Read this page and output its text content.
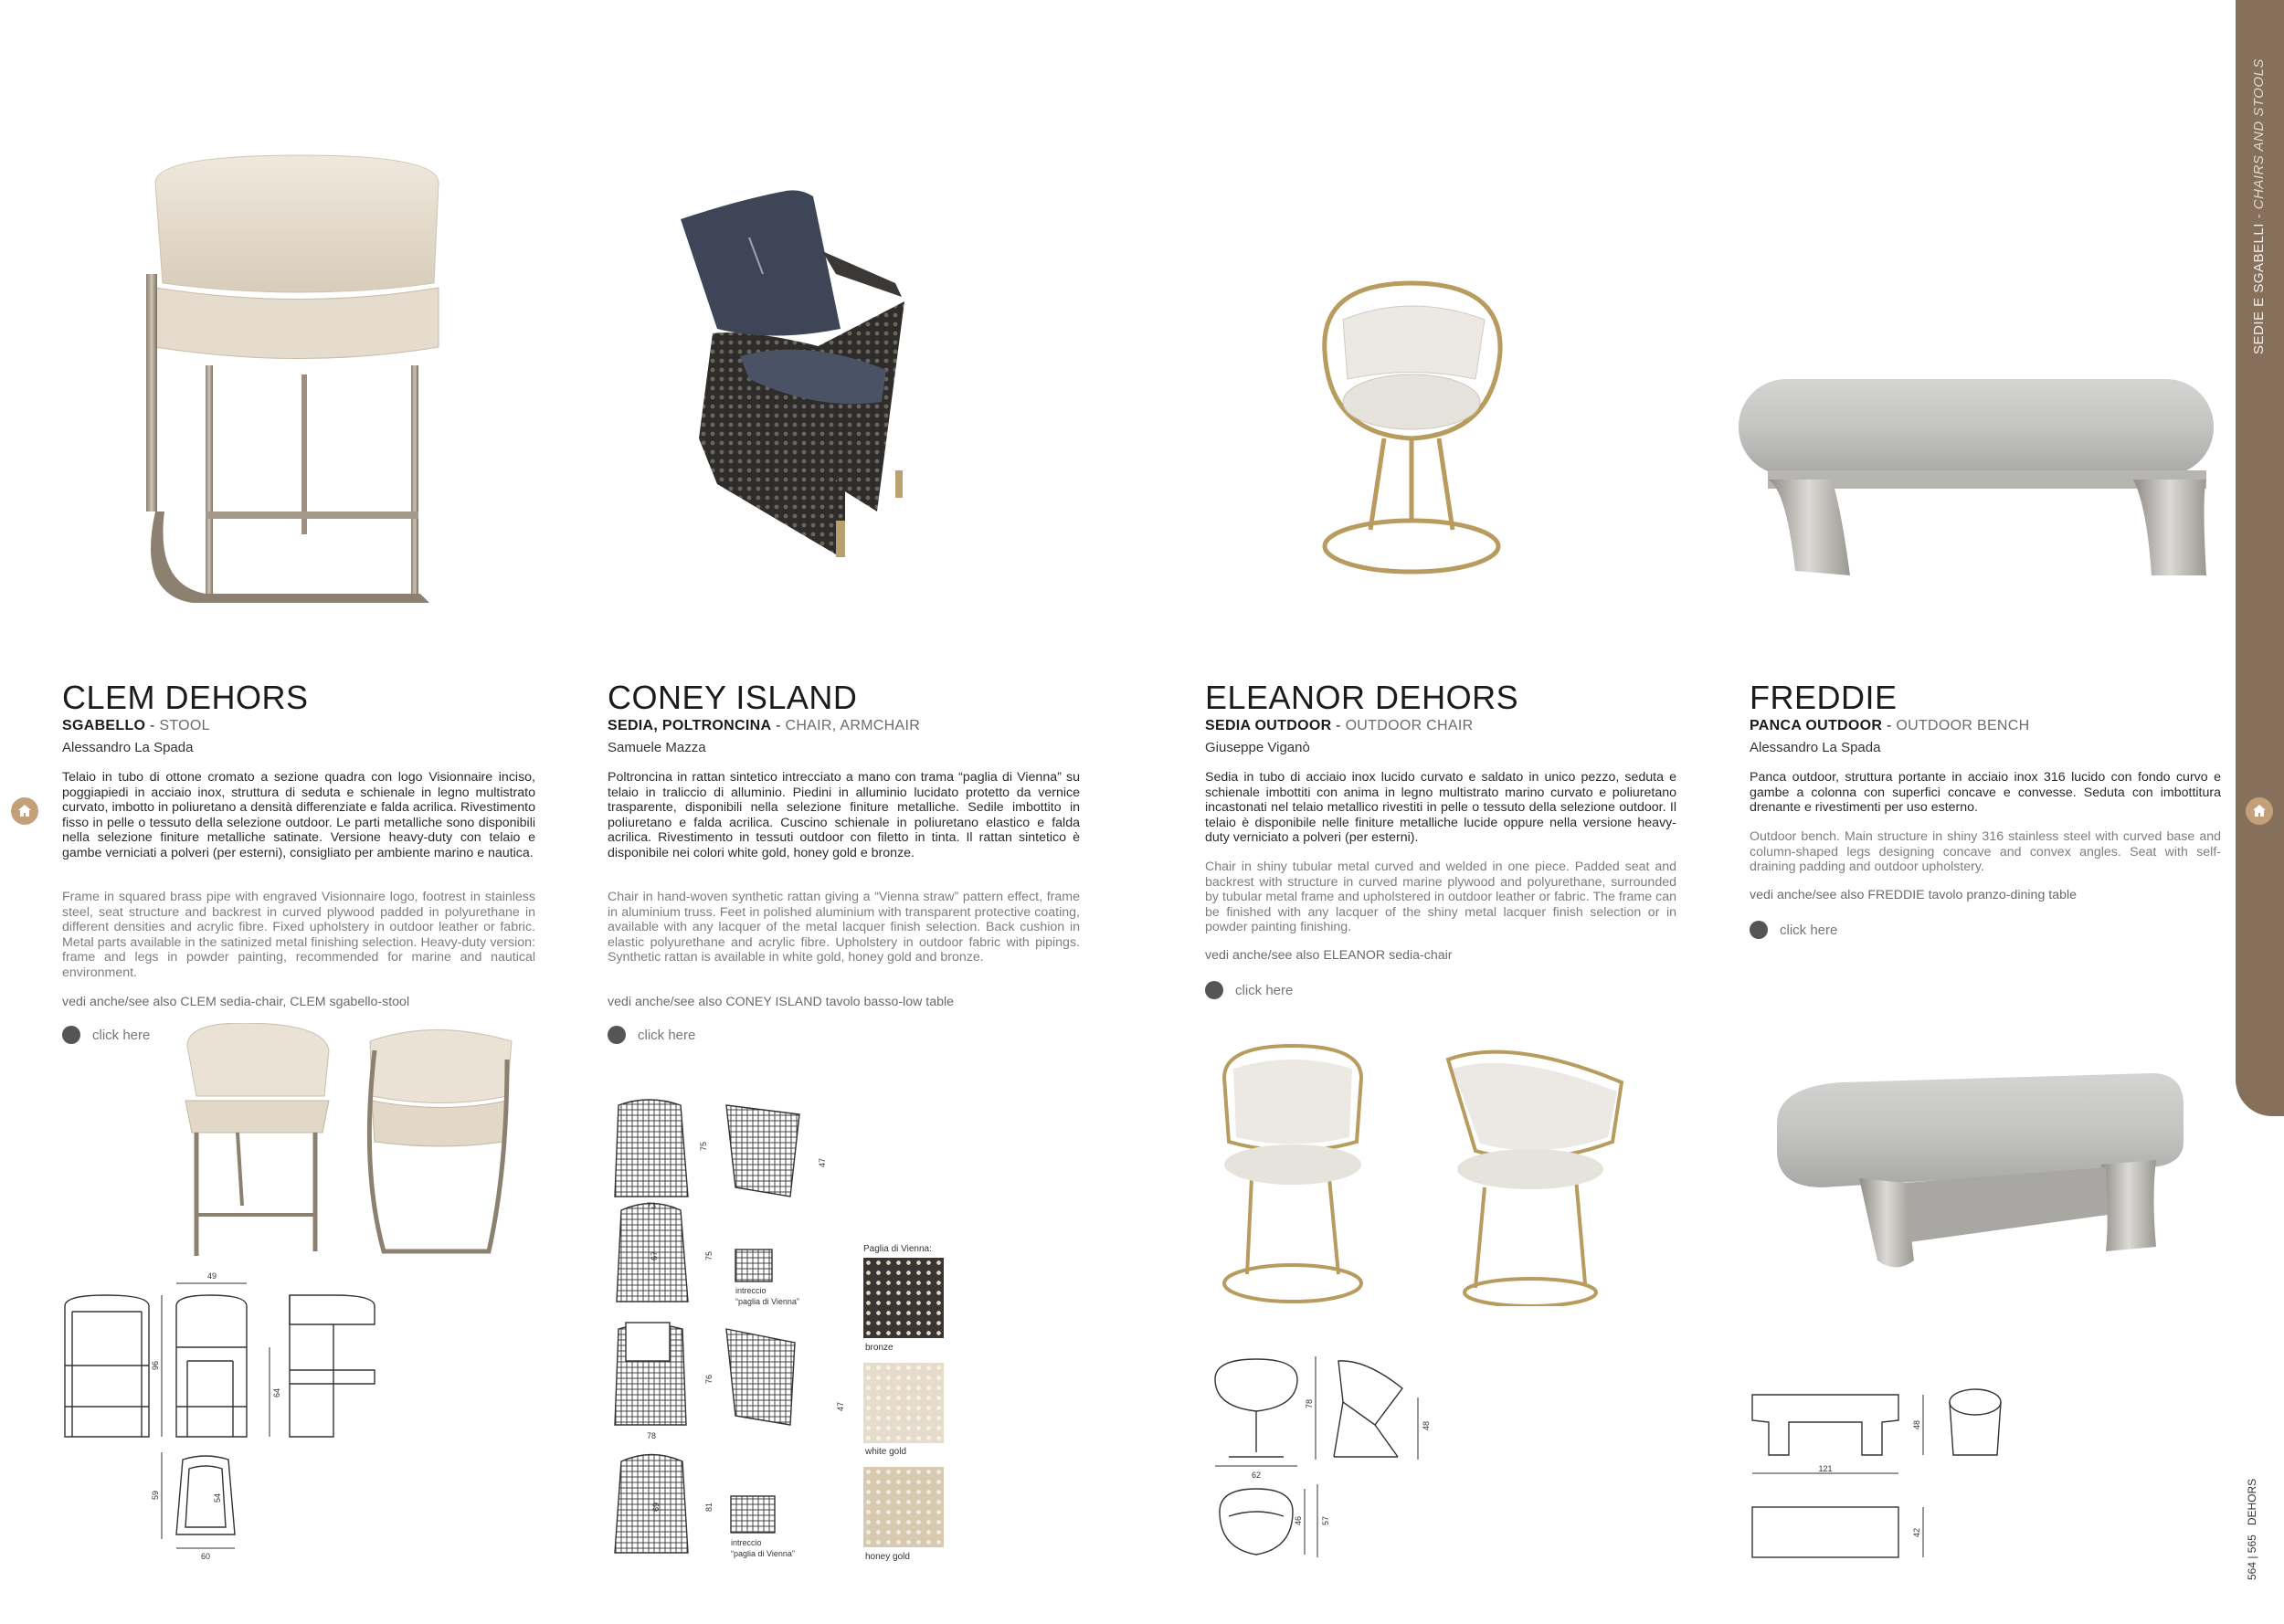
SEDIE E SGABELLI - CHAIRS AND STOOLS
564 | 565   DEHORS
CLEM DEHORS
SGABELLO - STOOL
Alessandro La Spada
Telaio in tubo di ottone cromato a sezione quadra con logo Visionnaire inciso, poggiapiedi in acciaio inox, struttura di seduta e schienale in legno multistrato curvato, imbotto in poliuretano a densità differenziate e falda acrilica. Rivestimento fisso in pelle o tessuto della selezione outdoor. Le parti metalliche sono disponibili nella selezione finiture metalliche satinate. Versione heavy-duty con telaio e gambe verniciati a polveri (per esterni), consigliato per ambiente marino e nautica.
Frame in squared brass pipe with engraved Visionnaire logo, footrest in stainless steel, seat structure and backrest in curved plywood padded in polyurethane in different densities and acrylic fibre. Fixed upholstery in outdoor leather or fabric. Metal parts available in the satinized metal finishing selection. Heavy-duty version: frame and legs in powder painting, recommended for marine and nautical environment.
vedi anche/see also CLEM sedia-chair, CLEM sgabello-stool
click here
49
96
64
59	54
60
CONEY ISLAND
SEDIA, POLTRONCINA - CHAIR, ARMCHAIR
Samuele Mazza
Poltroncina in rattan sintetico intrecciato a mano con trama “paglia di Vienna” su telaio in traliccio di alluminio. Piedini in alluminio lucidato protetto da vernice trasparente, disponibili nella selezione finiture metalliche. Sedile imbottito in poliuretano e falda acrilica. Cuscino schienale in poliuretano elastico e falda acrilica. Rivestimento in tessuti outdoor con filetto in tinta. Il rattan sintetico è disponibile nei colori white gold, honey gold e bronze.
Chair in hand-woven synthetic rattan giving a “Vienna straw” pattern effect, frame in aluminium truss. Feet in polished aluminium with transparent protective coating, available with any lacquer of the metal lacquer finish selection. Back cushion in elastic polyurethane and acrylic fibre. Upholstery in outdoor fabric with pipings. Synthetic rattan is available in white gold, honey gold and bronze.
vedi anche/see also CONEY ISLAND tavolo basso-low table
click here
75
73
47
67	75
76
47
78
69	81
intreccio
“paglia di Vienna”
intreccio
“paglia di Vienna”
Paglia di Vienna:
bronze
white gold
honey gold
ELEANOR DEHORS
SEDIA OUTDOOR - OUTDOOR CHAIR
Giuseppe Viganò
Sedia in tubo di acciaio inox lucido curvato e saldato in unico pezzo, seduta e schienale imbottiti con anima in legno multistrato marino curvato e poliuretano incastonati nel telaio metallico rivestiti in pelle o tessuto della selezione outdoor. Il telaio è disponibile nelle finiture metalliche lucide oppure nella versione heavy-duty verniciato a polveri (per esterni).
Chair in shiny tubular metal curved and welded in one piece. Padded seat and backrest with structure in curved marine plywood and polyurethane, surrounded by tubular metal frame and upholstered in outdoor leather or fabric. The frame can be finished with any lacquer of the shiny metal lacquer finish selection or in powder painting finishing.
vedi anche/see also ELEANOR sedia-chair
click here
78
48
62
46 57
FREDDIE
PANCA OUTDOOR - OUTDOOR BENCH
Alessandro La Spada
Panca outdoor, struttura portante in acciaio inox 316 lucido con fondo curvo e gambe a colonna con superfici concave e convesse. Seduta con imbottitura drenante e rivestimenti per uso esterno.
Outdoor bench. Main structure in shiny 316 stainless steel with curved base and column-shaped legs designing concave and convex angles. Seat with self-draining padding and outdoor upholstery.
vedi anche/see also FREDDIE tavolo pranzo-dining table
click here
48
121
42
